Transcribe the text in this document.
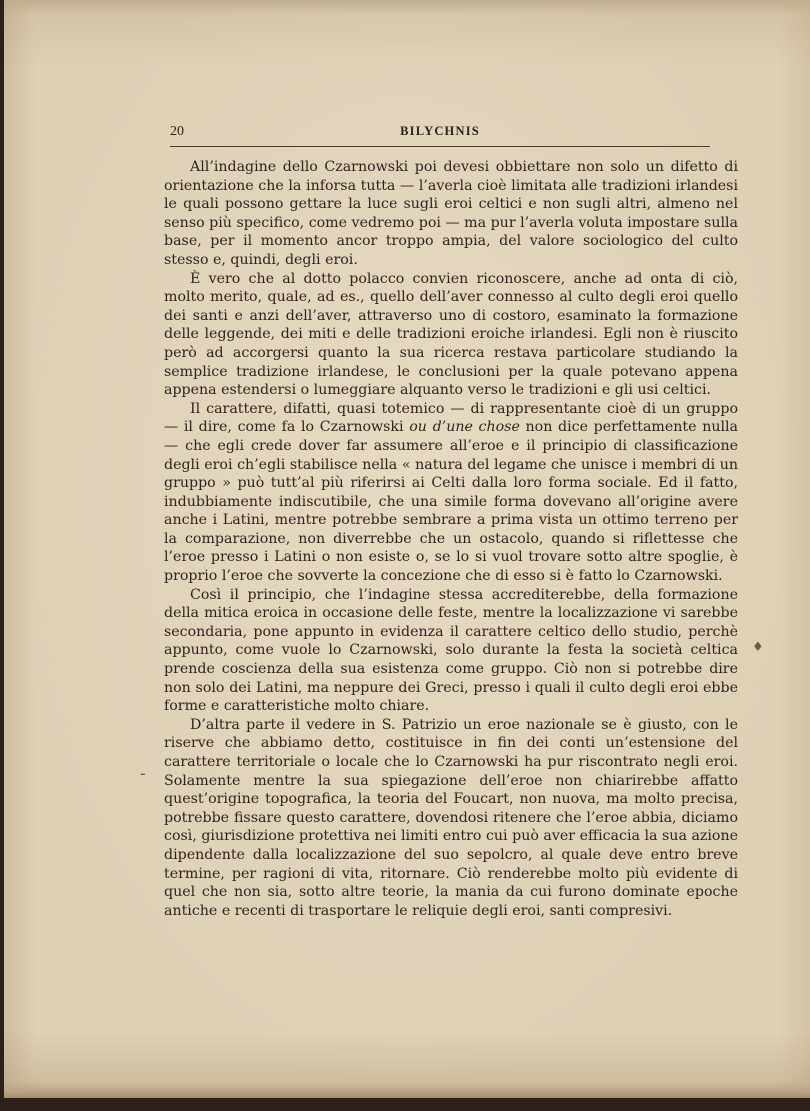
20	BILYCHNIS

All’indagine dello Czarnowski poi devesi obbiettare non solo un difetto di orientazione che la inforsa tutta — l’averla cioè limitata alle tradizioni irlandesi le quali possono gettare la luce sugli eroi celtici e non sugli altri, almeno nel senso più specifico, come vedremo poi — ma pur l’averla voluta impostare sulla base, per il momento ancor troppo ampia, del valore sociologico del culto stesso e, quindi, degli eroi.

È vero che al dotto polacco convien riconoscere, anche ad onta di ciò, molto merito, quale, ad es., quello dell’aver connesso al culto degli eroi quello dei santi e anzi dell’aver, attraverso uno di costoro, esaminato la formazione delle leggende, dei miti e delle tradizioni eroiche irlandesi. Egli non è riuscito però ad accorgersi quanto la sua ricerca restava particolare studiando la semplice tradizione irlandese, le conclusioni per la quale potevano appena appena estendersi o lumeggiare alquanto verso le tradizioni e gli usi celtici.

Il carattere, difatti, quasi totemico — di rappresentante cioè di un gruppo — il dire, come fa lo Czarnowski ou d’une chose non dice perfettamente nulla — che egli crede dover far assumere all’eroe e il principio di classificazione degli eroi ch’egli stabilisce nella « natura del legame che unisce i membri di un gruppo » può tutt’al più riferirsi ai Celti dalla loro forma sociale. Ed il fatto, indubbiamente indiscutibile, che una simile forma dovevano all’origine avere anche i Latini, mentre potrebbe sembrare a prima vista un ottimo terreno per la comparazione, non diverrebbe che un ostacolo, quando si riflettesse che l’eroe presso i Latini o non esiste o, se lo si vuol trovare sotto altre spoglie, è proprio l’eroe che sovverte la concezione che di esso si è fatto lo Czarnowski.

Così il principio, che l’indagine stessa accrediterebbe, della formazione della mitica eroica in occasione delle feste, mentre la localizzazione vi sarebbe secondaria, pone appunto in evidenza il carattere celtico dello studio, perchè appunto, come vuole lo Czarnowski, solo durante la festa la società celtica prende coscienza della sua esistenza come gruppo. Ciò non si potrebbe dire non solo dei Latini, ma neppure dei Greci, presso i quali il culto degli eroi ebbe forme e caratteristiche molto chiare.

D’altra parte il vedere in S. Patrizio un eroe nazionale se è giusto, con le riserve che abbiamo detto, costituisce in fin dei conti un’estensione del carattere territoriale o locale che lo Czarnowski ha pur riscontrato negli eroi. Solamente mentre la sua spiegazione dell’eroe non chiarirebbe affatto quest’origine topografica, la teoria del Foucart, non nuova, ma molto precisa, potrebbe fissare questo carattere, dovendosi ritenere che l’eroe abbia, diciamo così, giurisdizione protettiva nei limiti entro cui può aver efficacia la sua azione dipendente dalla localizzazione del suo sepolcro, al quale deve entro breve termine, per ragioni di vita, ritornare. Ciò renderebbe molto più evidente di quel che non sia, sotto altre teorie, la mania da cui furono dominate epoche antiche e recenti di trasportare le reliquie degli eroi, santi compresivi.

-
♦
